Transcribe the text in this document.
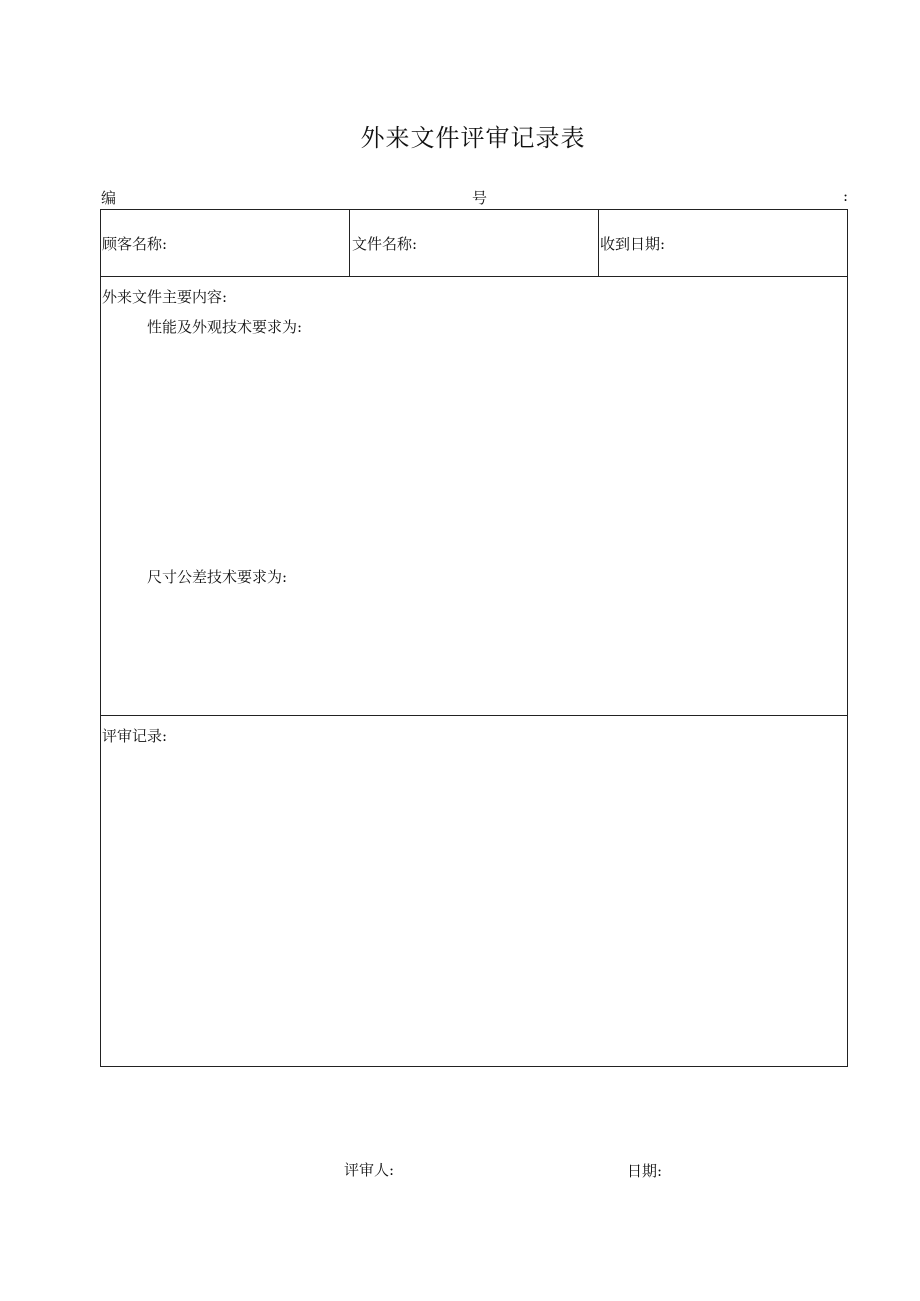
外来文件评审记录表
编	号	:
顾客名称:	文件名称:	收到日期:
外来文件主要内容:
性能及外观技术要求为:
尺寸公差技术要求为:
评审记录:
评审人:	日期:
